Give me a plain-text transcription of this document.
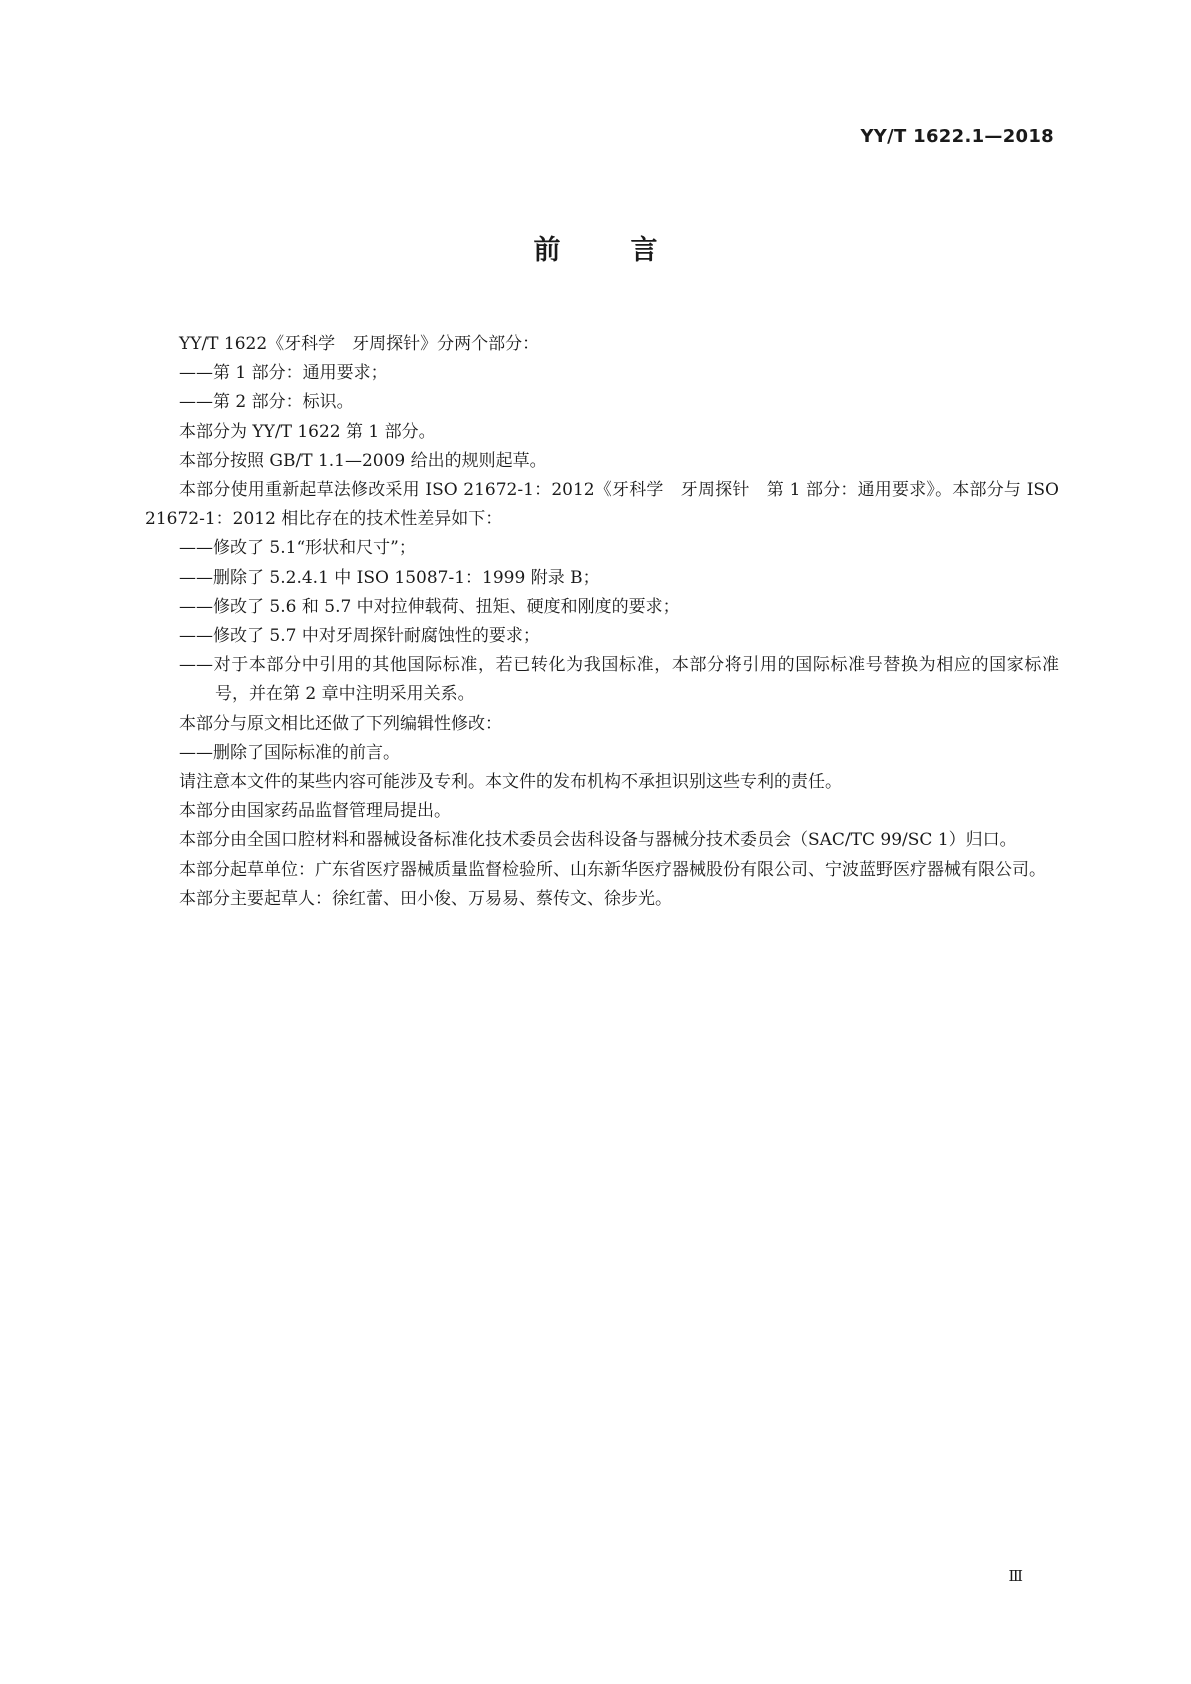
YY/T 1622.1—2018
前言

YY/T 1622《牙科学　牙周探针》分两个部分：

——第 1 部分：通用要求；

——第 2 部分：标识。

本部分为 YY/T 1622 第 1 部分。

本部分按照 GB/T 1.1—2009 给出的规则起草。

本部分使用重新起草法修改采用 ISO 21672-1：2012《牙科学　牙周探针　第 1 部分：通用要求》。本部分与 ISO 21672-1：2012 相比存在的技术性差异如下：

——修改了 5.1“形状和尺寸”；

——删除了 5.2.4.1 中 ISO 15087-1：1999 附录 B；

——修改了 5.6 和 5.7 中对拉伸载荷、扭矩、硬度和刚度的要求；

——修改了 5.7 中对牙周探针耐腐蚀性的要求；

——对于本部分中引用的其他国际标准，若已转化为我国标准，本部分将引用的国际标准号替换为相应的国家标准号，并在第 2 章中注明采用关系。

本部分与原文相比还做了下列编辑性修改：

——删除了国际标准的前言。

请注意本文件的某些内容可能涉及专利。本文件的发布机构不承担识别这些专利的责任。

本部分由国家药品监督管理局提出。

本部分由全国口腔材料和器械设备标准化技术委员会齿科设备与器械分技术委员会（SAC/TC 99/SC 1）归口。

本部分起草单位：广东省医疗器械质量监督检验所、山东新华医疗器械股份有限公司、宁波蓝野医疗器械有限公司。

本部分主要起草人：徐红蕾、田小俊、万易易、蔡传文、徐步光。

Ⅲ
